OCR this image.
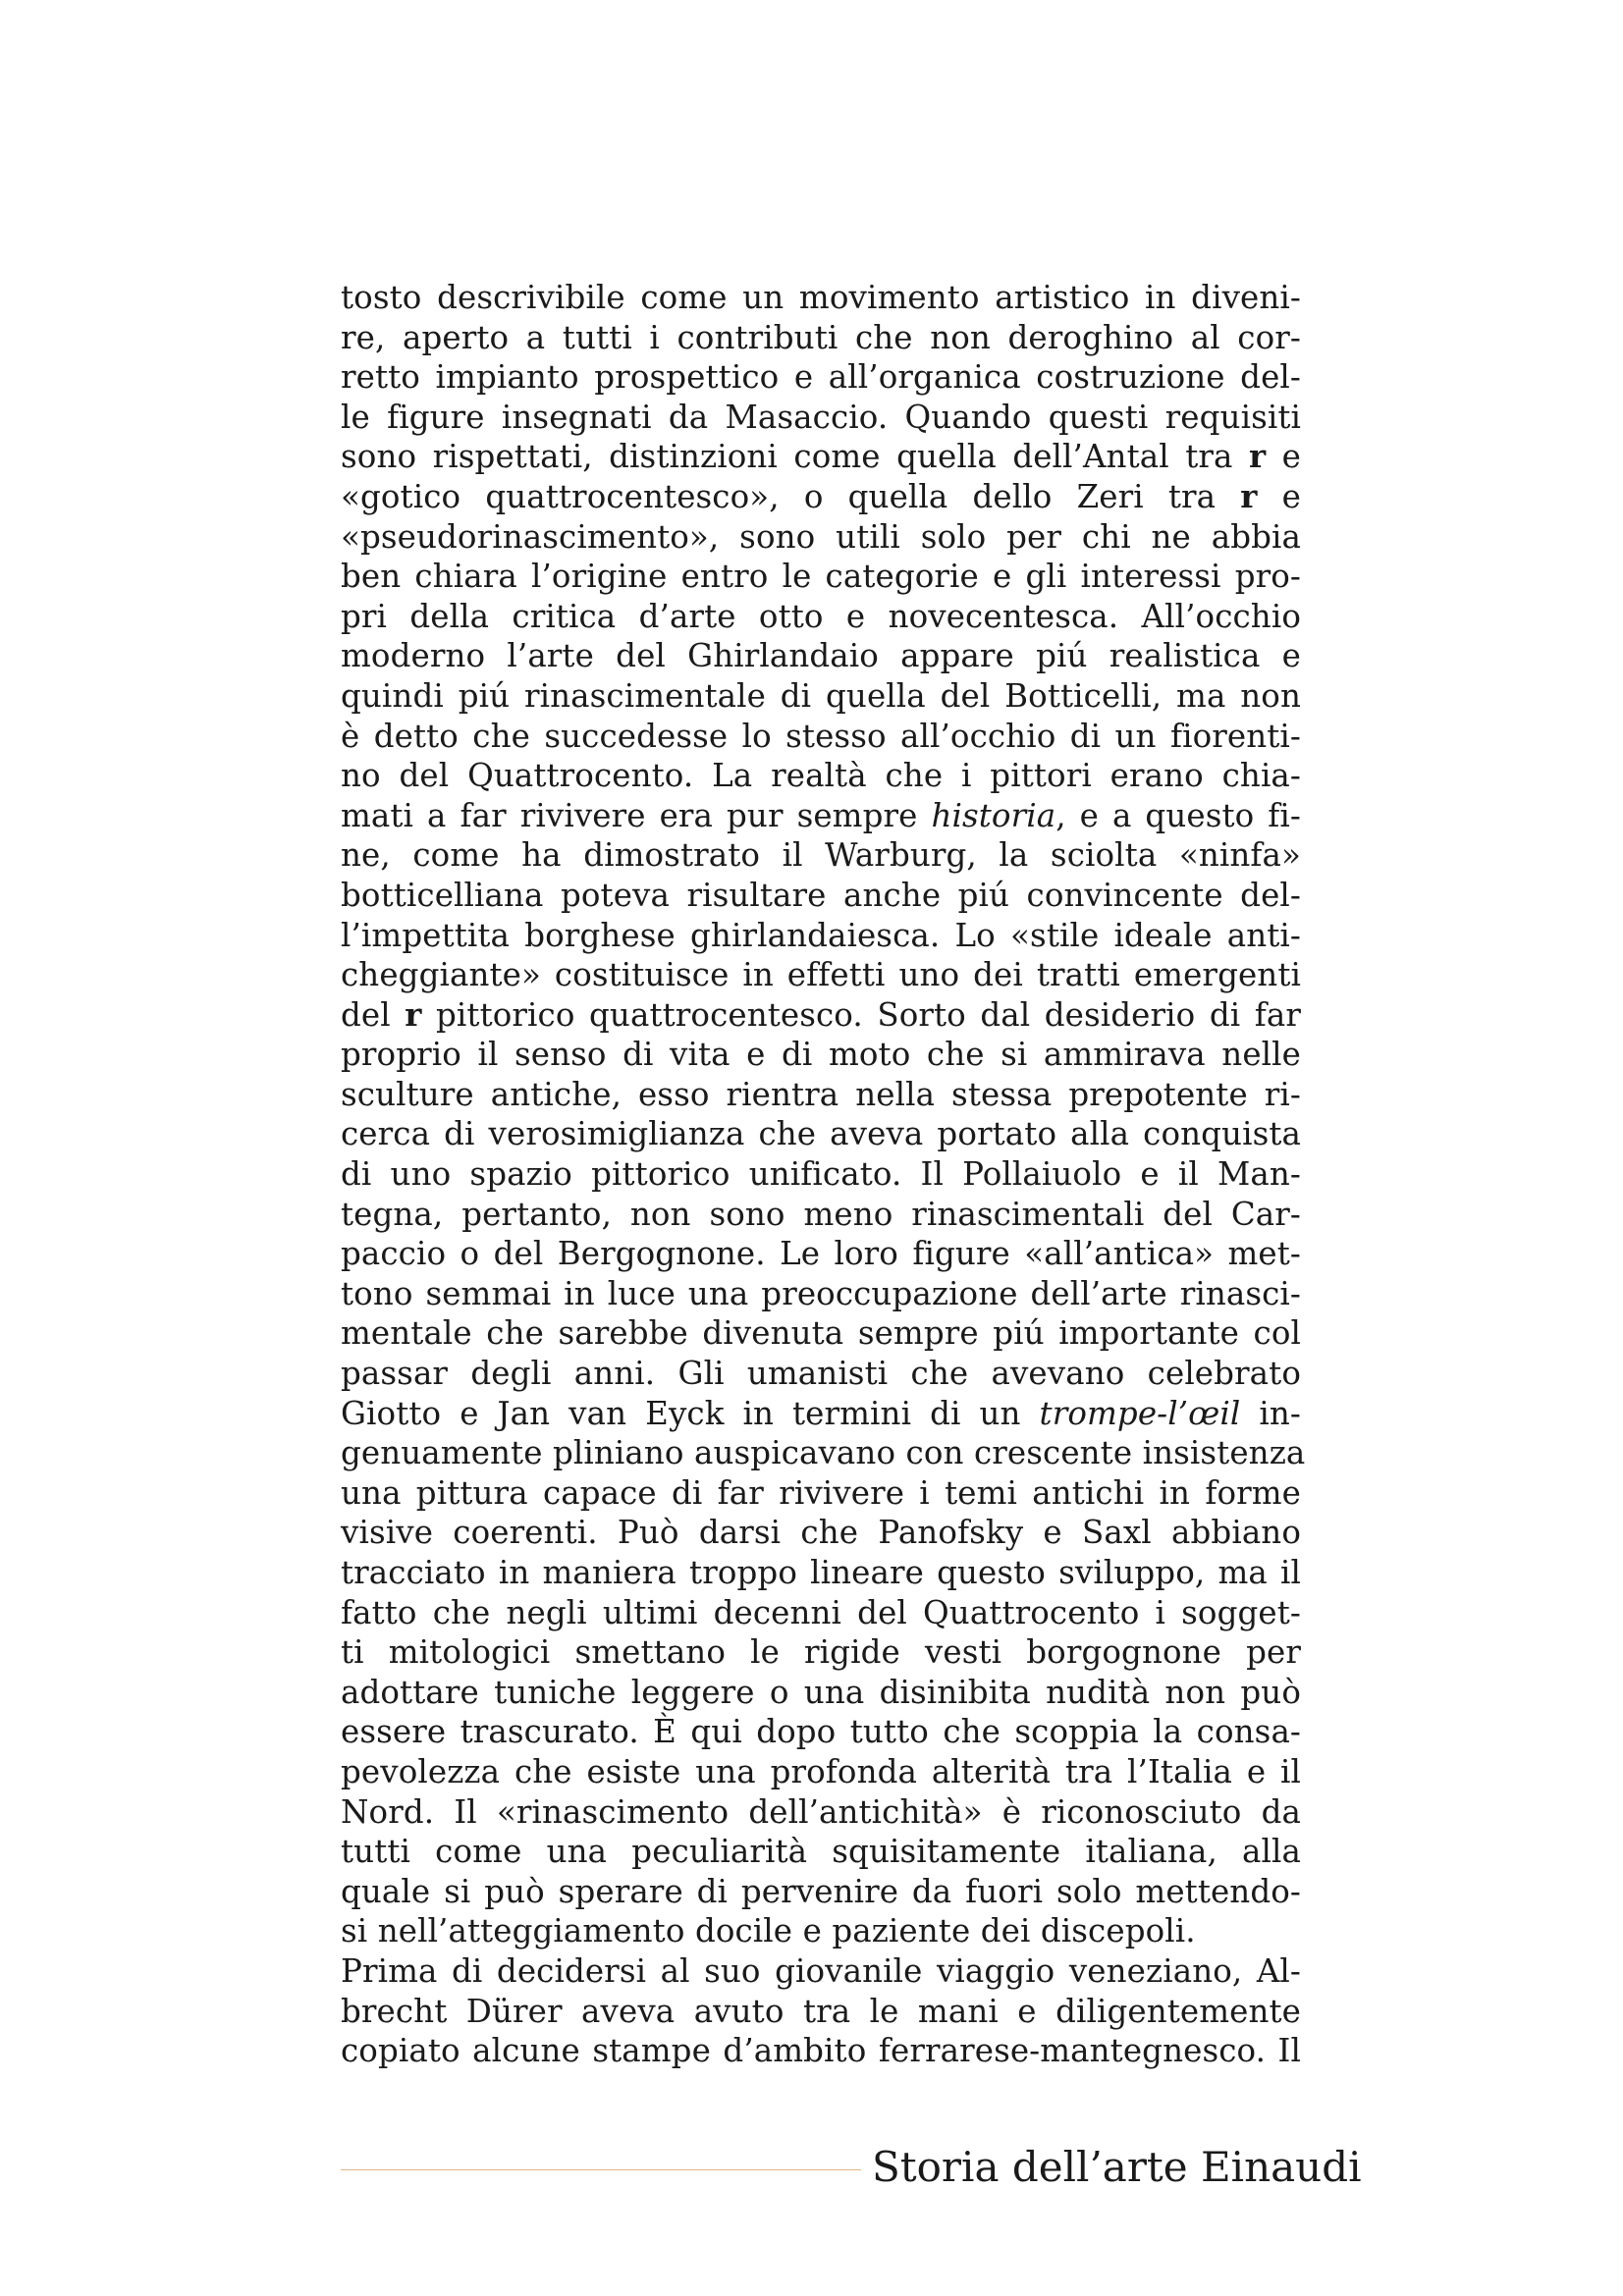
tosto descrivibile come un movimento artistico in diveni-
re, aperto a tutti i contributi che non deroghino al cor-
retto impianto prospettico e all’organica costruzione del-
le figure insegnati da Masaccio. Quando questi requisiti
sono rispettati, distinzioni come quella dell’Antal tra r e
«gotico quattrocentesco», o quella dello Zeri tra r e
«pseudorinascimento», sono utili solo per chi ne abbia
ben chiara l’origine entro le categorie e gli interessi pro-
pri della critica d’arte otto e novecentesca. All’occhio
moderno l’arte del Ghirlandaio appare piú realistica e
quindi piú rinascimentale di quella del Botticelli, ma non
è detto che succedesse lo stesso all’occhio di un fiorenti-
no del Quattrocento. La realtà che i pittori erano chia-
mati a far rivivere era pur sempre historia, e a questo fi-
ne, come ha dimostrato il Warburg, la sciolta «ninfa»
botticelliana poteva risultare anche piú convincente del-
l’impettita borghese ghirlandaiesca. Lo «stile ideale anti-
cheggiante» costituisce in effetti uno dei tratti emergenti
del r pittorico quattrocentesco. Sorto dal desiderio di far
proprio il senso di vita e di moto che si ammirava nelle
sculture antiche, esso rientra nella stessa prepotente ri-
cerca di verosimiglianza che aveva portato alla conquista
di uno spazio pittorico unificato. Il Pollaiuolo e il Man-
tegna, pertanto, non sono meno rinascimentali del Car-
paccio o del Bergognone. Le loro figure «all’antica» met-
tono semmai in luce una preoccupazione dell’arte rinasci-
mentale che sarebbe divenuta sempre piú importante col
passar degli anni. Gli umanisti che avevano celebrato
Giotto e Jan van Eyck in termini di un trompe-l’œil in-
genuamente pliniano auspicavano con crescente insistenza
una pittura capace di far rivivere i temi antichi in forme
visive coerenti. Può darsi che Panofsky e Saxl abbiano
tracciato in maniera troppo lineare questo sviluppo, ma il
fatto che negli ultimi decenni del Quattrocento i sogget-
ti mitologici smettano le rigide vesti borgognone per
adottare tuniche leggere o una disinibita nudità non può
essere trascurato. È qui dopo tutto che scoppia la consa-
pevolezza che esiste una profonda alterità tra l’Italia e il
Nord. Il «rinascimento dell’antichità» è riconosciuto da
tutti come una peculiarità squisitamente italiana, alla
quale si può sperare di pervenire da fuori solo mettendo-
si nell’atteggiamento docile e paziente dei discepoli.
Prima di decidersi al suo giovanile viaggio veneziano, Al-
brecht Dürer aveva avuto tra le mani e diligentemente
copiato alcune stampe d’ambito ferrarese-mantegnesco. Il
Storia dell’arte Einaudi
